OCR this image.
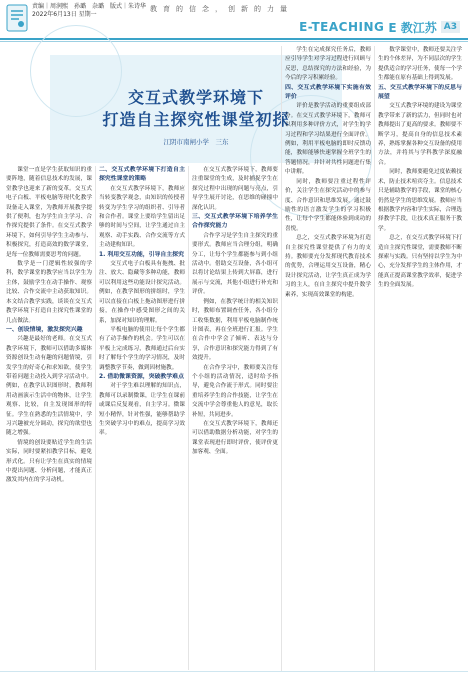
责编｜周润熙　孙璐　杂璐　版式｜朱诗华
2022年6月13日 星期一
教育的信念，创新的力量
E-TEACHING E 教江苏 A3
交互式教学环境下
打造自主探究性课堂初探
江阴市南闸小学　三东

课堂一直是学生获取知识的重要阵地，随着信息技术的发展，课堂教学也迎来了新的变革。交互式电子白板、平板电脑等现代化教学设备走入课堂，为教师开展教学提供了便利，也为学生自主学习、合作探究提供了条件。在交互式教学环境下，如何引导学生主动参与、积极探究，打造高效的数学课堂，是每一位教师需要思考的问题。

数学是一门逻辑性较强的学科，数学课堂的教学应当以学生为主体，鼓励学生在动手操作、观察比较、合作交流中主动获取知识。本文结合教学实践，谈谈在交互式教学环境下打造自主探究性课堂的几点做法。

一、创设情境，激发探究兴趣

兴趣是最好的老师。在交互式教学环境下，教师可以借助多媒体资源创设生动有趣的问题情境，引发学生的好奇心和求知欲，使学生带着问题主动投入到学习活动中。例如，在教学认识图形时，教师利用动画演示生活中的物体，让学生观察、比较，自主发现图形的特征。学生在熟悉的生活情境中，学习兴趣被充分调动，探究的欲望也随之增强。

情境的创设要贴近学生的生活实际，同时要紧扣教学目标，避免形式化。只有让学生在真实的情境中提出问题、分析问题，才能真正激发其内在的学习动机。

二、交互式教学环境下打造自主探究性课堂的策略

在交互式教学环境下，教师应当转变教学观念，由知识的传授者转变为学生学习的组织者、引导者和合作者。课堂上要给学生留出足够的时间与空间，让学生通过自主观察、动手实践、合作交流等方式主动建构知识。

1. 利用交互功能，引导自主探究

交互式电子白板具有拖拽、批注、放大、隐藏等多种功能，教师可以利用这些功能设计探究活动。例如，在教学图形的拼组时，学生可以直接在白板上拖动图形进行拼接，在操作中感受图形之间的关系，加深对知识的理解。

平板电脑的使用让每个学生都有了动手操作的机会。学生可以在平板上完成练习，教师通过后台实时了解每个学生的学习情况，及时调整教学节奏，做到因材施教。

2. 借助微课资源，突破教学难点

对于学生难以理解的知识点，教师可以录制微课，让学生在课前或课后反复观看，自主学习。微课短小精悍，针对性强，能够帮助学生突破学习中的难点，提高学习效率。

在交互式教学环境下，教师要注重课堂的生成，及时捕捉学生在探究过程中出现的问题与亮点，引导学生展开讨论，在思维的碰撞中深化认识。

三、交互式教学环境下培养学生合作探究能力

合作学习是学生自主探究的重要形式。教师应当合理分组，明确分工，让每个学生都能参与到小组活动中。借助交互设备，各小组可以将讨论结果上传到大屏幕，进行展示与交流，其他小组进行补充和评价。

例如，在教学统计的相关知识时，教师布置调查任务，各小组分工收集数据，利用平板电脑制作统计图表，再在全班进行汇报。学生在合作中学会了倾听、表达与分享，合作意识和探究能力得到了有效提升。

在合作学习中，教师要关注每个小组的活动情况，适时给予指导，避免合作流于形式。同时要注重培养学生的合作技能，让学生在交流中学会尊重他人的意见，取长补短，共同进步。

在交互式教学环境下，教师还可以借助数据分析功能，对学生的课堂表现进行即时评价，使评价更加客观、全面。

学生在完成探究任务后，教师应引导学生对学习过程进行回顾与反思，总结探究的方法和经验，为今后的学习积累经验。

四、交互式教学环境下实施有效评价

评价是教学活动的重要组成部分。在交互式教学环境下，教师可以利用多种评价方式，对学生的学习过程和学习结果进行全面评价。例如，利用平板电脑的即时反馈功能，教师能够快速掌握全班学生的答题情况，并针对共性问题进行集中讲解。

同时，教师要注重过程性评价，关注学生在探究活动中的参与度、合作意识和思维发展，通过鼓励性的语言激发学生的学习积极性，让每个学生都能体验到成功的喜悦。

总之，交互式教学环境为打造自主探究性课堂提供了有力的支持。教师要充分发挥现代教育技术的优势，合理运用交互设备，精心设计探究活动，让学生真正成为学习的主人，在自主探究中提升数学素养，实现高效课堂的构建。

数学课堂中，教师还要关注学生的个体差异，为不同层次的学生提供适合的学习任务，使每一个学生都能在原有基础上得到发展。

五、交互式教学环境下的反思与展望

交互式教学环境的建设为课堂教学带来了新的活力，但同时也对教师提出了更高的要求。教师要不断学习，提高自身的信息技术素养，熟练掌握各种交互设备的使用方法，并将其与学科教学深度融合。

同时，教师要避免过度依赖技术，防止技术喧宾夺主。信息技术只是辅助教学的手段，课堂的核心仍然是学生的思维发展。教师应当根据教学内容和学生实际，合理选择教学手段，让技术真正服务于教学。

总之，在交互式教学环境下打造自主探究性课堂，需要教师不断探索与实践。只有坚持以学生为中心，充分发挥学生的主体作用，才能真正提高课堂教学效率，促进学生的全面发展。
